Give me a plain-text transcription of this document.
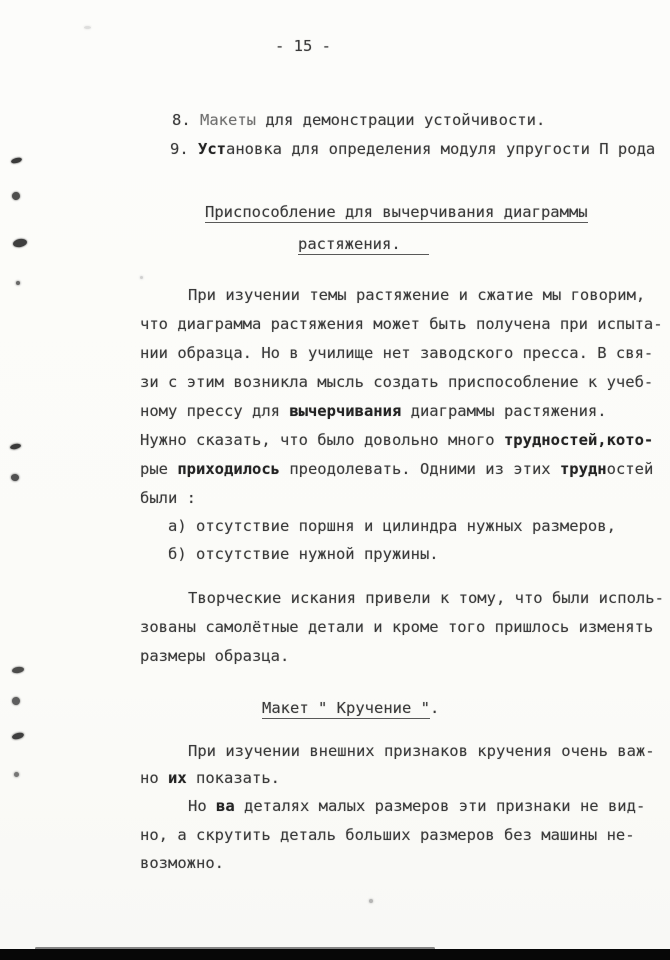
- 15 -
8. Макеты для демонстрации устойчивости.
9. Установка для определения модуля упругости П рода
Приспособление для вычерчивания диаграммы
растяжения.
При изучении темы растяжение и сжатие мы говорим,
что диаграмма растяжения может быть получена при испыта-
нии образца. Но в училище нет заводского пресса. В свя-
зи с этим возникла мысль создать приспособление к учеб-
ному прессу для вычерчивания диаграммы растяжения.
Нужно сказать, что было довольно много трудностей,кото-
рые приходилось преодолевать. Одними из этих трудностей
были :
а) отсутствие поршня и цилиндра нужных размеров,
б) отсутствие нужной пружины.
Творческие искания привели к тому, что были исполь-
зованы самолётные детали и кроме того пришлось изменять
размеры образца.
Макет " Кручение ".
При изучении внешних признаков кручения очень важ-
но их показать.
Но ва деталях малых размеров эти признаки не вид-
но, а скрутить деталь больших размеров без машины не-
возможно.
